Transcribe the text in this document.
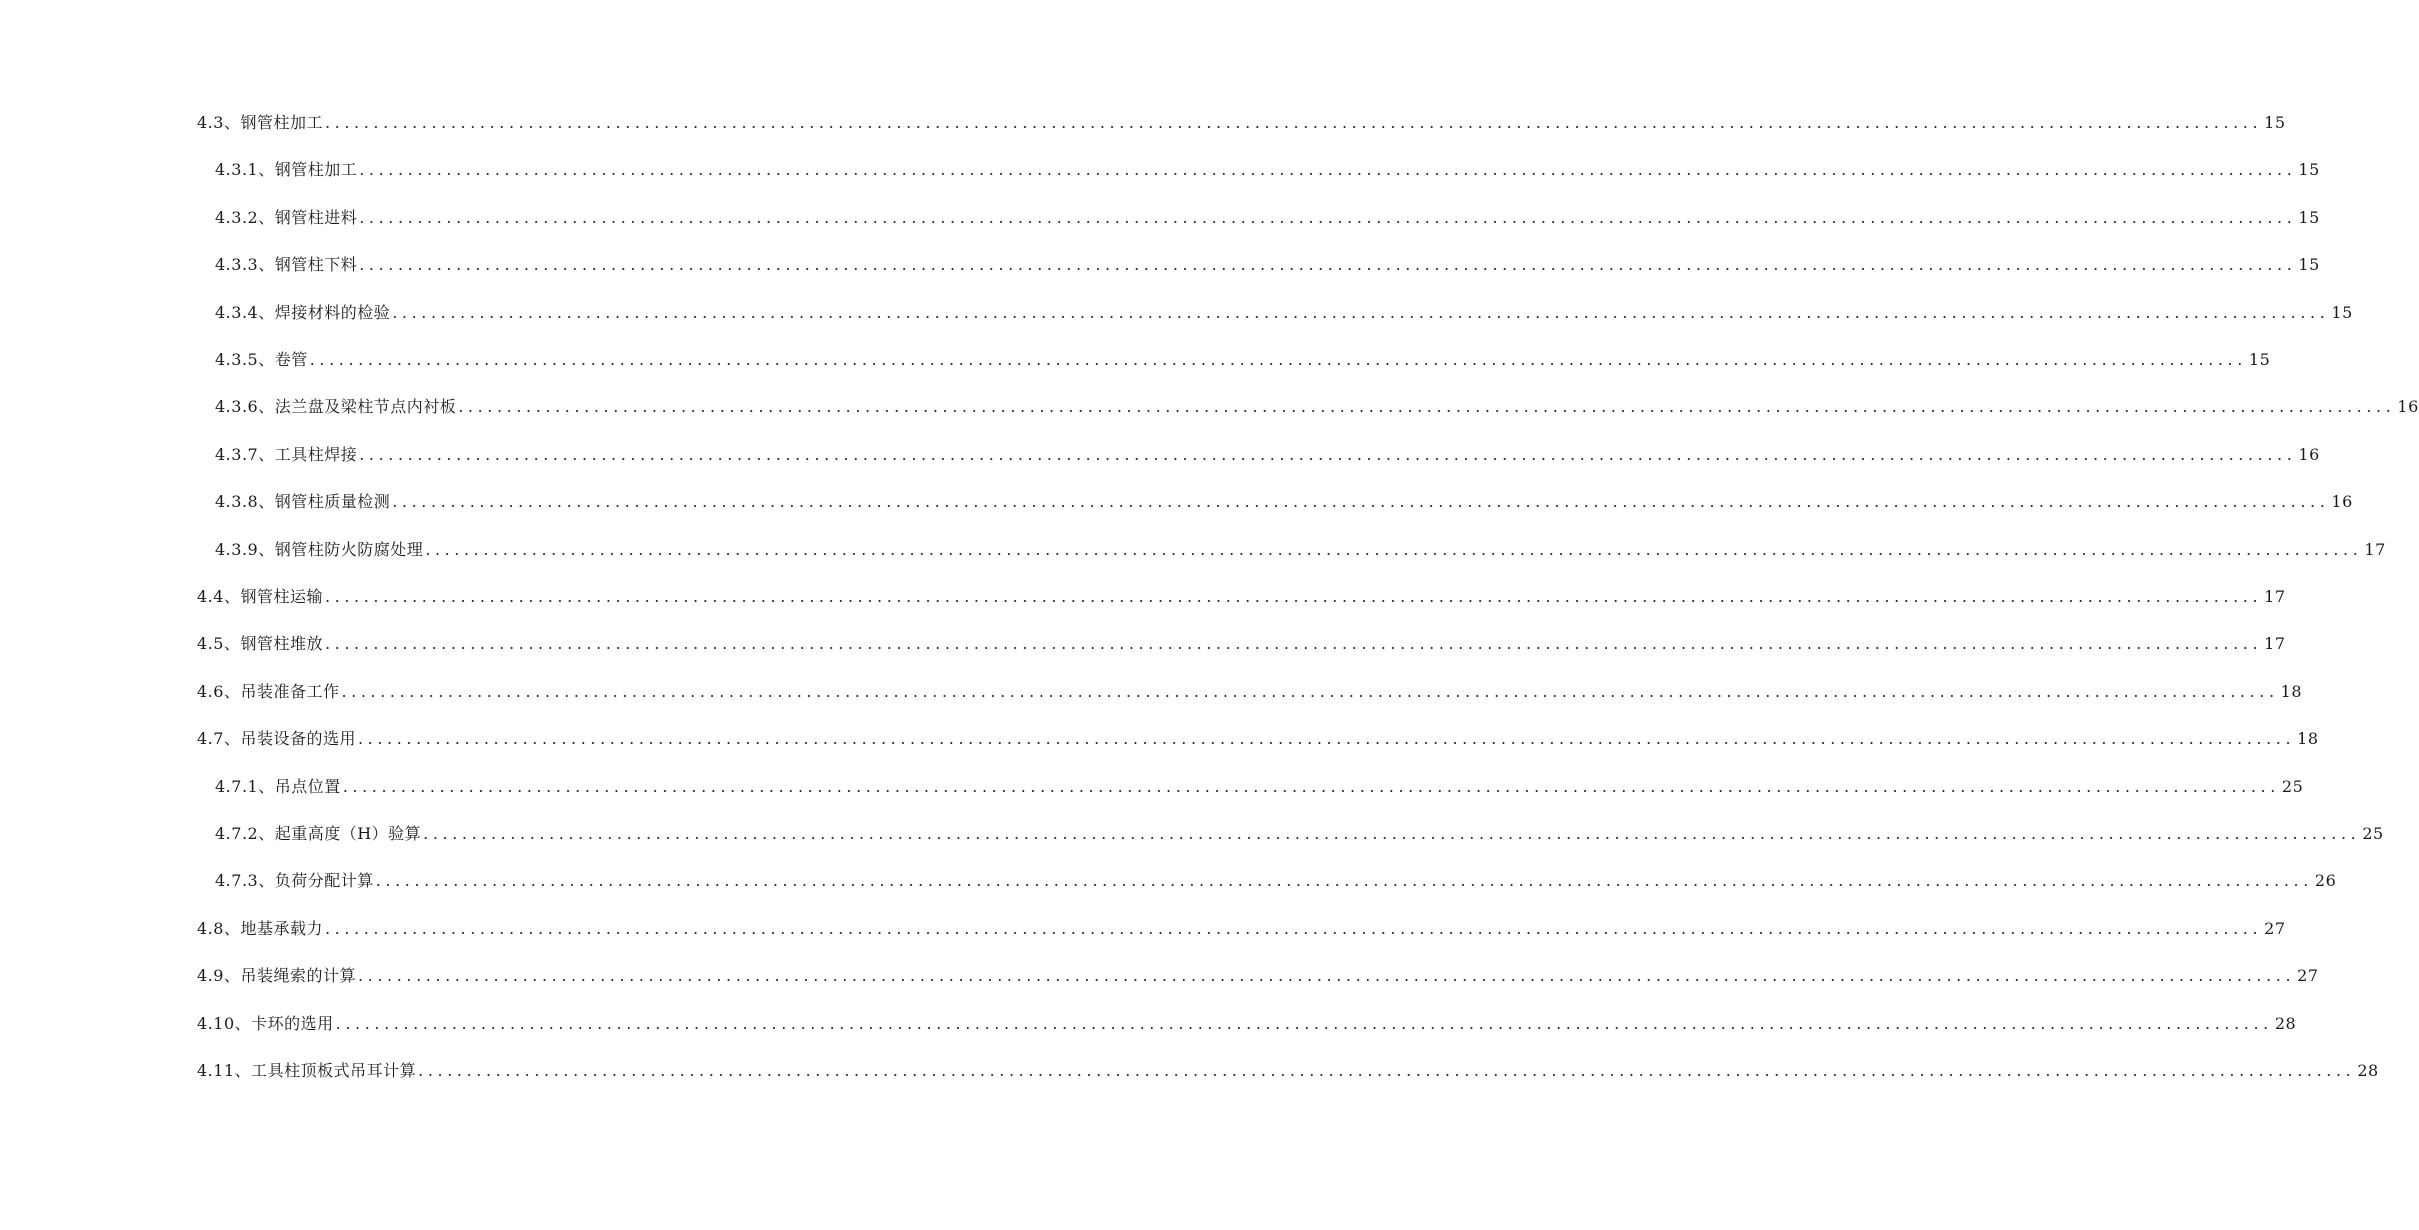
4.3、钢管柱加工 ........................................................................................................................................................................................................ 15
4.3.1、钢管柱加工 ........................................................................................................................................................................................................ 15
4.3.2、钢管柱进料 ........................................................................................................................................................................................................ 15
4.3.3、钢管柱下料 ........................................................................................................................................................................................................ 15
4.3.4、焊接材料的检验 ........................................................................................................................................................................................................ 15
4.3.5、卷管 ........................................................................................................................................................................................................ 15
4.3.6、法兰盘及梁柱节点内衬板 ........................................................................................................................................................................................................ 16
4.3.7、工具柱焊接 ........................................................................................................................................................................................................ 16
4.3.8、钢管柱质量检测 ........................................................................................................................................................................................................ 16
4.3.9、钢管柱防火防腐处理 ........................................................................................................................................................................................................ 17
4.4、钢管柱运输 ........................................................................................................................................................................................................ 17
4.5、钢管柱堆放 ........................................................................................................................................................................................................ 17
4.6、吊装准备工作 ........................................................................................................................................................................................................ 18
4.7、吊装设备的选用 ........................................................................................................................................................................................................ 18
4.7.1、吊点位置 ........................................................................................................................................................................................................ 25
4.7.2、起重高度（H）验算 ........................................................................................................................................................................................................ 25
4.7.3、负荷分配计算 ........................................................................................................................................................................................................ 26
4.8、地基承载力 ........................................................................................................................................................................................................ 27
4.9、吊装绳索的计算 ........................................................................................................................................................................................................ 27
4.10、卡环的选用 ........................................................................................................................................................................................................ 28
4.11、工具柱顶板式吊耳计算 ........................................................................................................................................................................................................ 28
